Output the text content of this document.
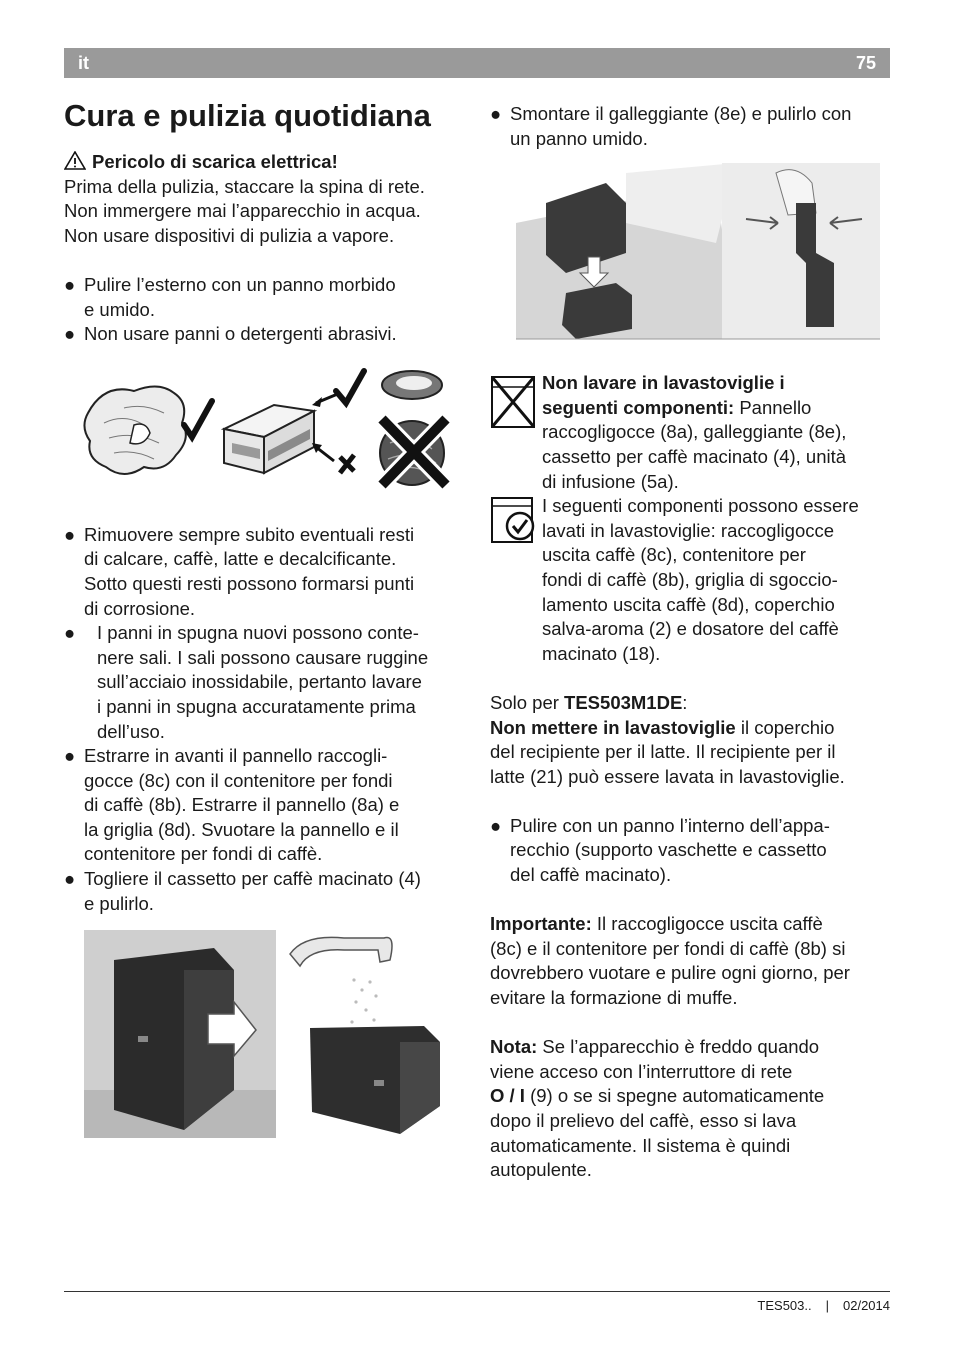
it	75
Cura e pulizia quotidiana

Pericolo di scarica elettrica!

Prima della pulizia, staccare la spina di rete.

Non immergere mai l’apparecchio in acqua.

Non usare dispositivi di pulizia a vapore.

● Pulire l’esterno con un panno morbido
e umido.
● Non usare panni o detergenti abrasivi.
● Rimuovere sempre subito eventuali resti
di calcare, caffè, latte e decalcificante.
Sotto questi resti possono formarsi punti
di corrosione.
● I panni in spugna nuovi possono conte-
nere sali. I sali possono causare ruggine
sull’acciaio inossidabile, pertanto lavare
i panni in spugna accuratamente prima
dell’uso.
● Estrarre in avanti il pannello raccogli-
gocce (8c) con il contenitore per fondi
di caffè (8b). Estrarre il pannello (8a) e
la griglia (8d). Svuotare la pannello e il
contenitore per fondi di caffè.
● Togliere il cassetto per caffè macinato (4)
e pulirlo.
● Smontare il galleggiante (8e) e pulirlo con
un panno umido.

Non lavare in lavastoviglie i
seguenti componenti: Pannello
raccogligocce (8a), galleggiante (8e),
cassetto per caffè macinato (4), unità
di infusione (5a).

I seguenti componenti possono essere
lavati in lavastoviglie: raccogligocce
uscita caffè (8c), contenitore per
fondi di caffè (8b), griglia di sgoccio-
lamento uscita caffè (8d), coperchio
salva-aroma (2) e dosatore del caffè
macinato (18).

Solo per TES503M1DE:

Non mettere in lavastoviglie il coperchio
del recipiente per il latte. Il recipiente per il
latte (21) può essere lavata in lavastoviglie.

● Pulire con un panno l’interno dell’appa-
recchio (supporto vaschette e cassetto
del caffè macinato).

Importante: Il raccogligocce uscita caffè
(8c) e il contenitore per fondi di caffè (8b) si
dovrebbero vuotare e pulire ogni giorno, per
evitare la formazione di muffe.

Nota: Se l’apparecchio è freddo quando
viene acceso con l’interruttore di rete
O / I (9) o se si spegne automaticamente
dopo il prelievo del caffè, esso si lava
automaticamente. Il sistema è quindi
autopulente.

TES503.. | 02/2014
